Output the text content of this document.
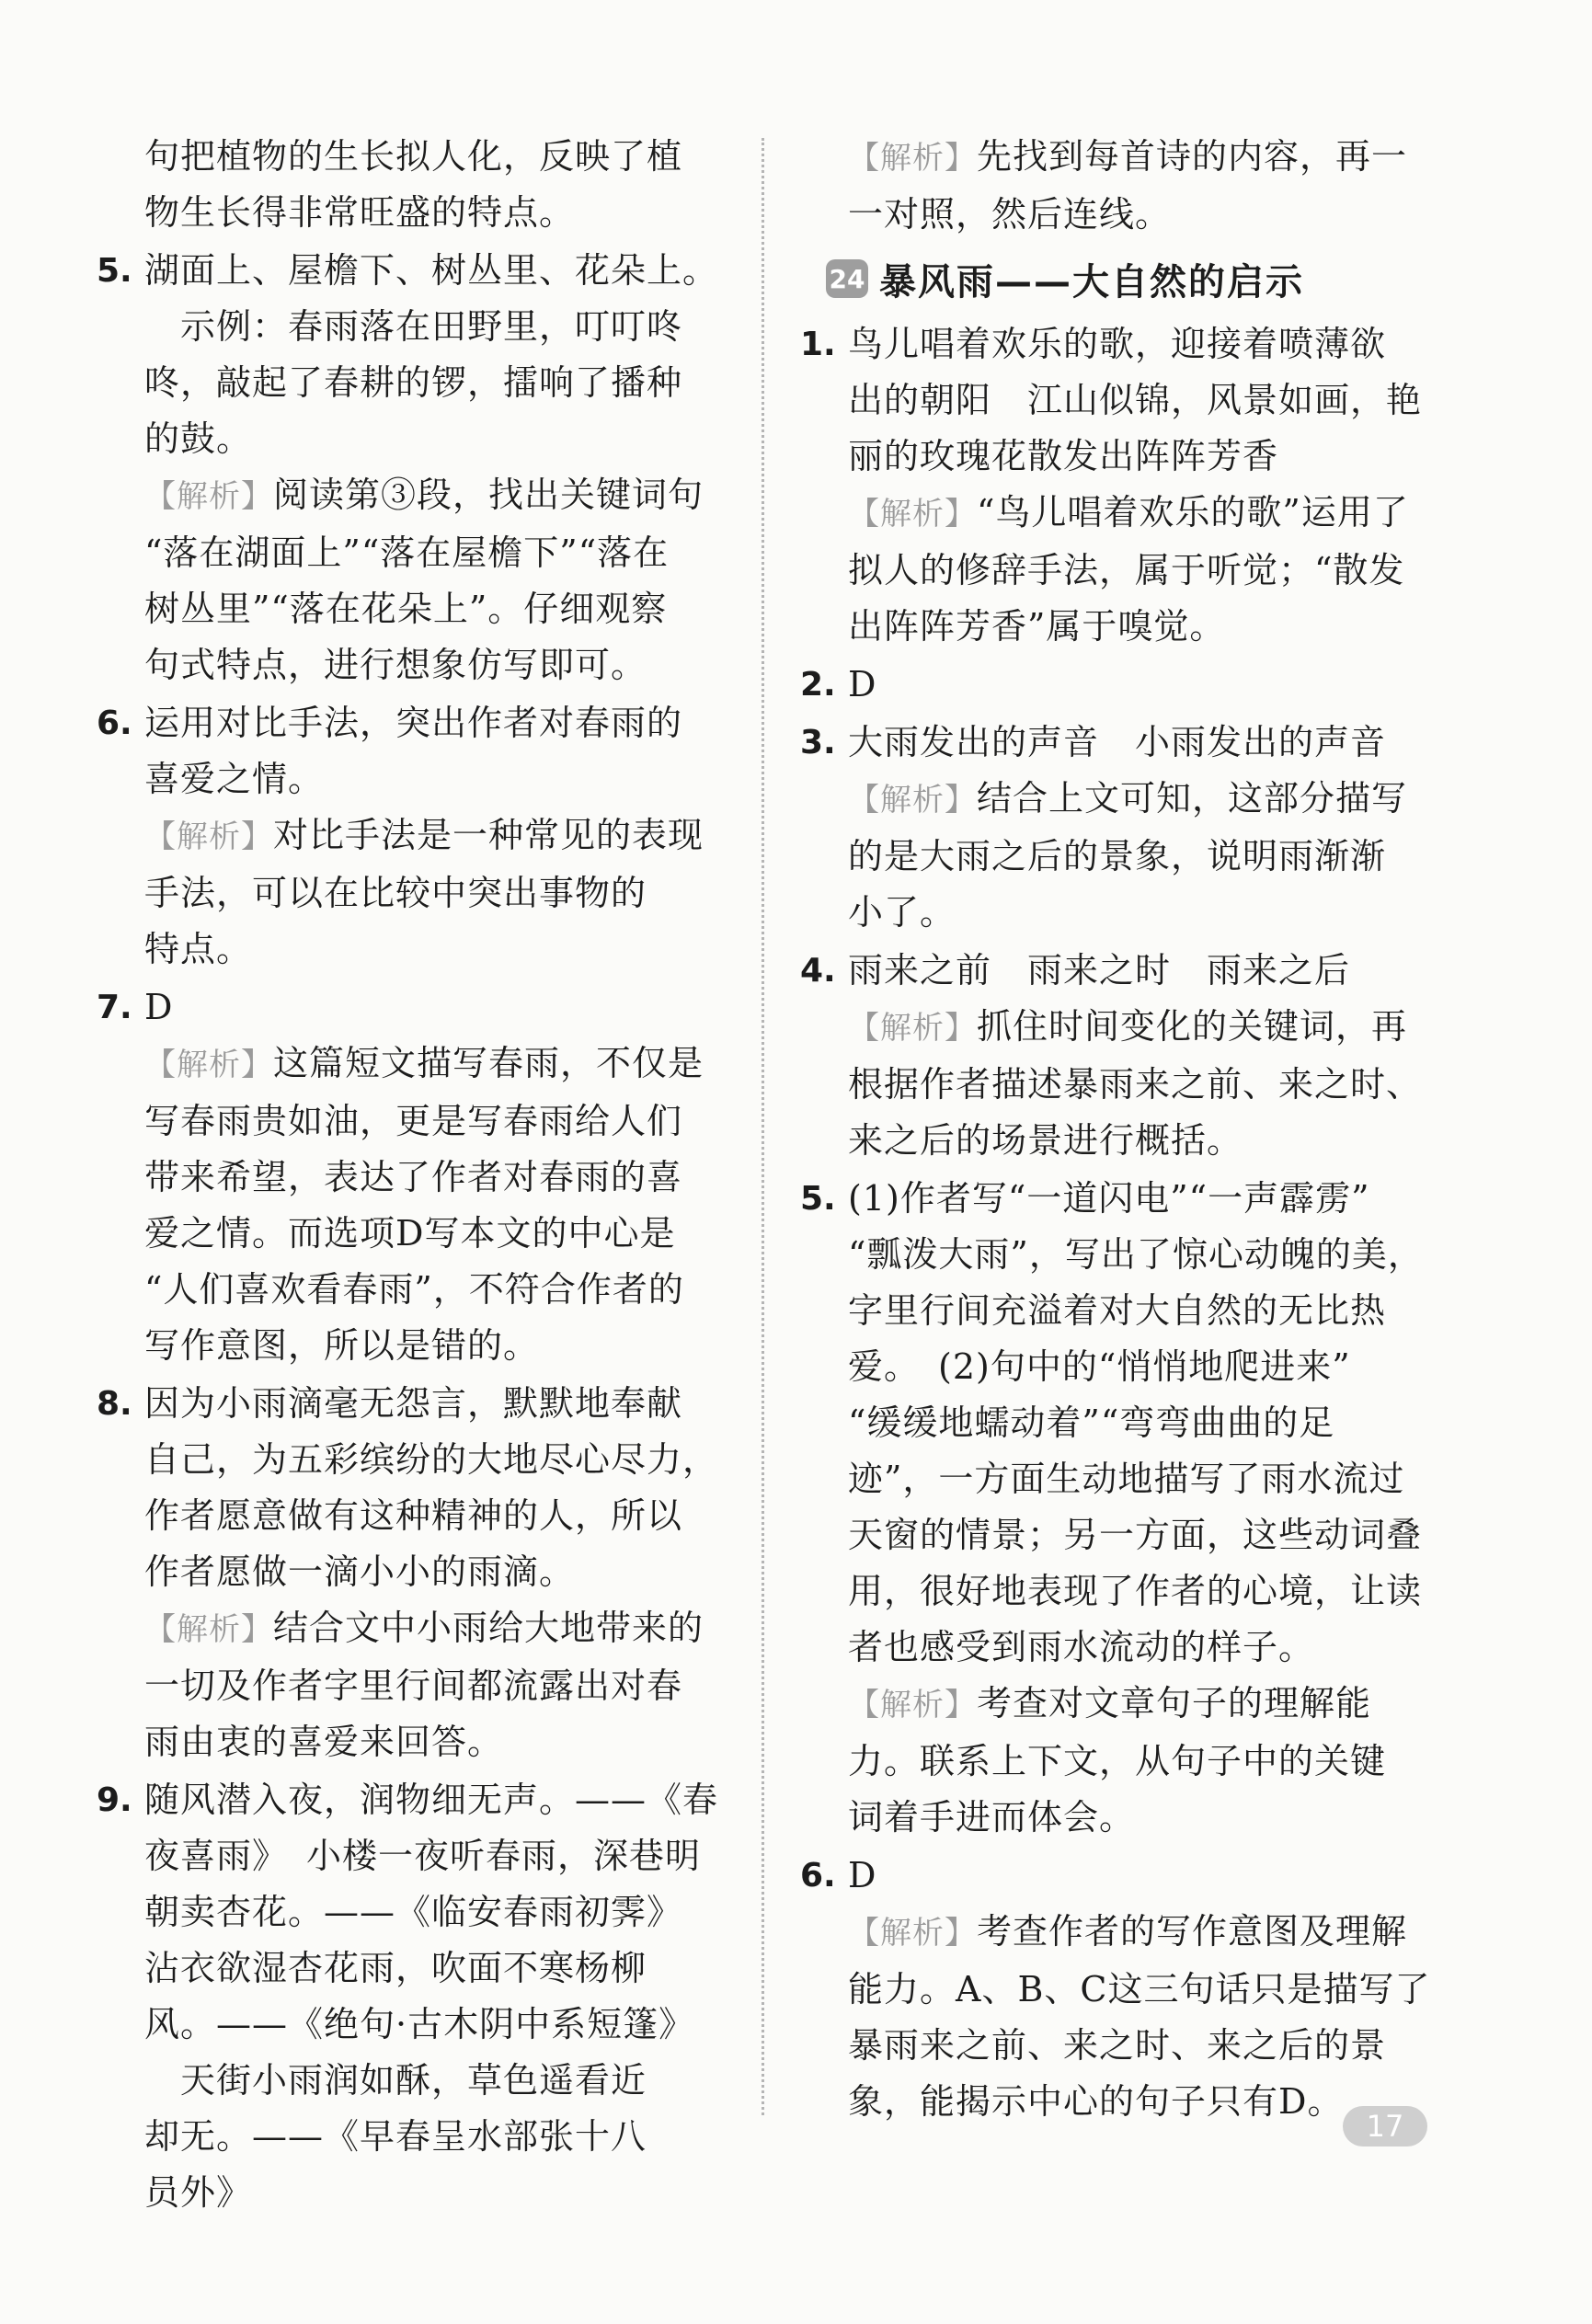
句把植物的生长拟人化，反映了植
物生长得非常旺盛的特点。
5. 湖面上、屋檐下、树丛里、花朵上。
　示例：春雨落在田野里，叮叮咚
咚，敲起了春耕的锣，擂响了播种
的鼓。
【解析】阅读第③段，找出关键词句
“落在湖面上”“落在屋檐下”“落在
树丛里”“落在花朵上”。仔细观察
句式特点，进行想象仿写即可。
6. 运用对比手法，突出作者对春雨的
喜爱之情。
【解析】对比手法是一种常见的表现
手法，可以在比较中突出事物的
特点。
7. D
【解析】这篇短文描写春雨，不仅是
写春雨贵如油，更是写春雨给人们
带来希望，表达了作者对春雨的喜
爱之情。而选项D写本文的中心是
“人们喜欢看春雨”，不符合作者的
写作意图，所以是错的。
8. 因为小雨滴毫无怨言，默默地奉献
自己，为五彩缤纷的大地尽心尽力，
作者愿意做有这种精神的人，所以
作者愿做一滴小小的雨滴。
【解析】结合文中小雨给大地带来的
一切及作者字里行间都流露出对春
雨由衷的喜爱来回答。
9. 随风潜入夜，润物细无声。——《春
夜喜雨》　小楼一夜听春雨，深巷明
朝卖杏花。——《临安春雨初霁》
沾衣欲湿杏花雨，吹面不寒杨柳
风。——《绝句·古木阴中系短篷》
　天街小雨润如酥，草色遥看近
却无。——《早春呈水部张十八
员外》
【解析】先找到每首诗的内容，再一
一对照，然后连线。
24 暴风雨——大自然的启示
1. 鸟儿唱着欢乐的歌，迎接着喷薄欲
出的朝阳　江山似锦，风景如画，艳
丽的玫瑰花散发出阵阵芳香
【解析】“鸟儿唱着欢乐的歌”运用了
拟人的修辞手法，属于听觉；“散发
出阵阵芳香”属于嗅觉。
2. D
3. 大雨发出的声音　小雨发出的声音
【解析】结合上文可知，这部分描写
的是大雨之后的景象，说明雨渐渐
小了。
4. 雨来之前　雨来之时　雨来之后
【解析】抓住时间变化的关键词，再
根据作者描述暴雨来之前、来之时、
来之后的场景进行概括。
5. (1)作者写“一道闪电”“一声霹雳”
“瓢泼大雨”，写出了惊心动魄的美，
字里行间充溢着对大自然的无比热
爱。　(2)句中的“悄悄地爬进来”
“缓缓地蠕动着”“弯弯曲曲的足
迹”，一方面生动地描写了雨水流过
天窗的情景；另一方面，这些动词叠
用，很好地表现了作者的心境，让读
者也感受到雨水流动的样子。
【解析】考查对文章句子的理解能
力。联系上下文，从句子中的关键
词着手进而体会。
6. D
【解析】考查作者的写作意图及理解
能力。A、B、C这三句话只是描写了
暴雨来之前、来之时、来之后的景
象，能揭示中心的句子只有D。
17
